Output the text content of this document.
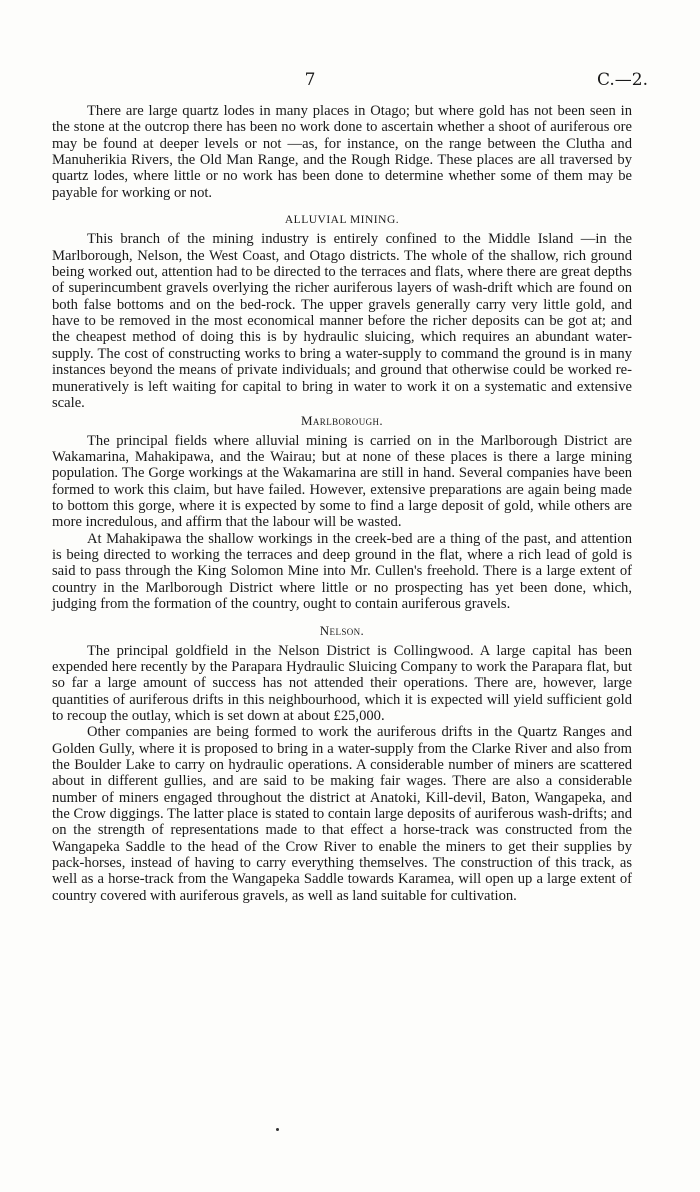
7	C.—2.

There are large quartz lodes in many places in Otago; but where gold has not been seen in the stone at the outcrop there has been no work done to ascertain whether a shoot of auriferous ore may be found at deeper levels or not —as, for instance, on the range between the Clutha and Manuherikia Rivers, the Old Man Range, and the Rough Ridge. These places are all traversed by quartz lodes, where little or no work has been done to determine whether some of them may be payable for working or not.

ALLUVIAL MINING.

This branch of the mining industry is entirely confined to the Middle Island —in the Marlborough, Nelson, the West Coast, and Otago districts. The whole of the shallow, rich ground being worked out, attention had to be directed to the terraces and flats, where there are great depths of superincumbent gravels overlying the richer auriferous layers of wash-drift which are found on both false bottoms and on the bed-rock. The upper gravels generally carry very little gold, and have to be removed in the most economical manner before the richer deposits can be got at; and the cheapest method of doing this is by hydraulic sluicing, which requires an abundant water-supply. The cost of constructing works to bring a water-supply to command the ground is in many instances beyond the means of private individuals; and ground that otherwise could be worked remuneratively is left waiting for capital to bring in water to work it on a systematic and extensive scale.

Marlborough.

The principal fields where alluvial mining is carried on in the Marlborough District are Wakamarina, Mahakipawa, and the Wairau; but at none of these places is there a large mining population. The Gorge workings at the Wakamarina are still in hand. Several companies have been formed to work this claim, but have failed. However, extensive preparations are again being made to bottom this gorge, where it is expected by some to find a large deposit of gold, while others are more incredulous, and affirm that the labour will be wasted.

At Mahakipawa the shallow workings in the creek-bed are a thing of the past, and attention is being directed to working the terraces and deep ground in the flat, where a rich lead of gold is said to pass through the King Solomon Mine into Mr. Cullen's freehold. There is a large extent of country in the Marlborough District where little or no prospecting has yet been done, which, judging from the formation of the country, ought to contain auriferous gravels.

Nelson.

The principal goldfield in the Nelson District is Collingwood. A large capital has been expended here recently by the Parapara Hydraulic Sluicing Company to work the Parapara flat, but so far a large amount of success has not attended their operations. There are, however, large quantities of auriferous drifts in this neighbourhood, which it is expected will yield sufficient gold to recoup the outlay, which is set down at about £25,000.

Other companies are being formed to work the auriferous drifts in the Quartz Ranges and Golden Gully, where it is proposed to bring in a water-supply from the Clarke River and also from the Boulder Lake to carry on hydraulic operations. A considerable number of miners are scattered about in different gullies, and are said to be making fair wages. There are also a considerable number of miners engaged throughout the district at Anatoki, Kill-devil, Baton, Wangapeka, and the Crow diggings. The latter place is stated to contain large deposits of auriferous wash-drifts; and on the strength of representations made to that effect a horse-track was constructed from the Wangapeka Saddle to the head of the Crow River to enable the miners to get their supplies by pack-horses, instead of having to carry everything themselves. The construction of this track, as well as a horse-track from the Wangapeka Saddle towards Karamea, will open up a large extent of country covered with auriferous gravels, as well as land suitable for cultivation.
